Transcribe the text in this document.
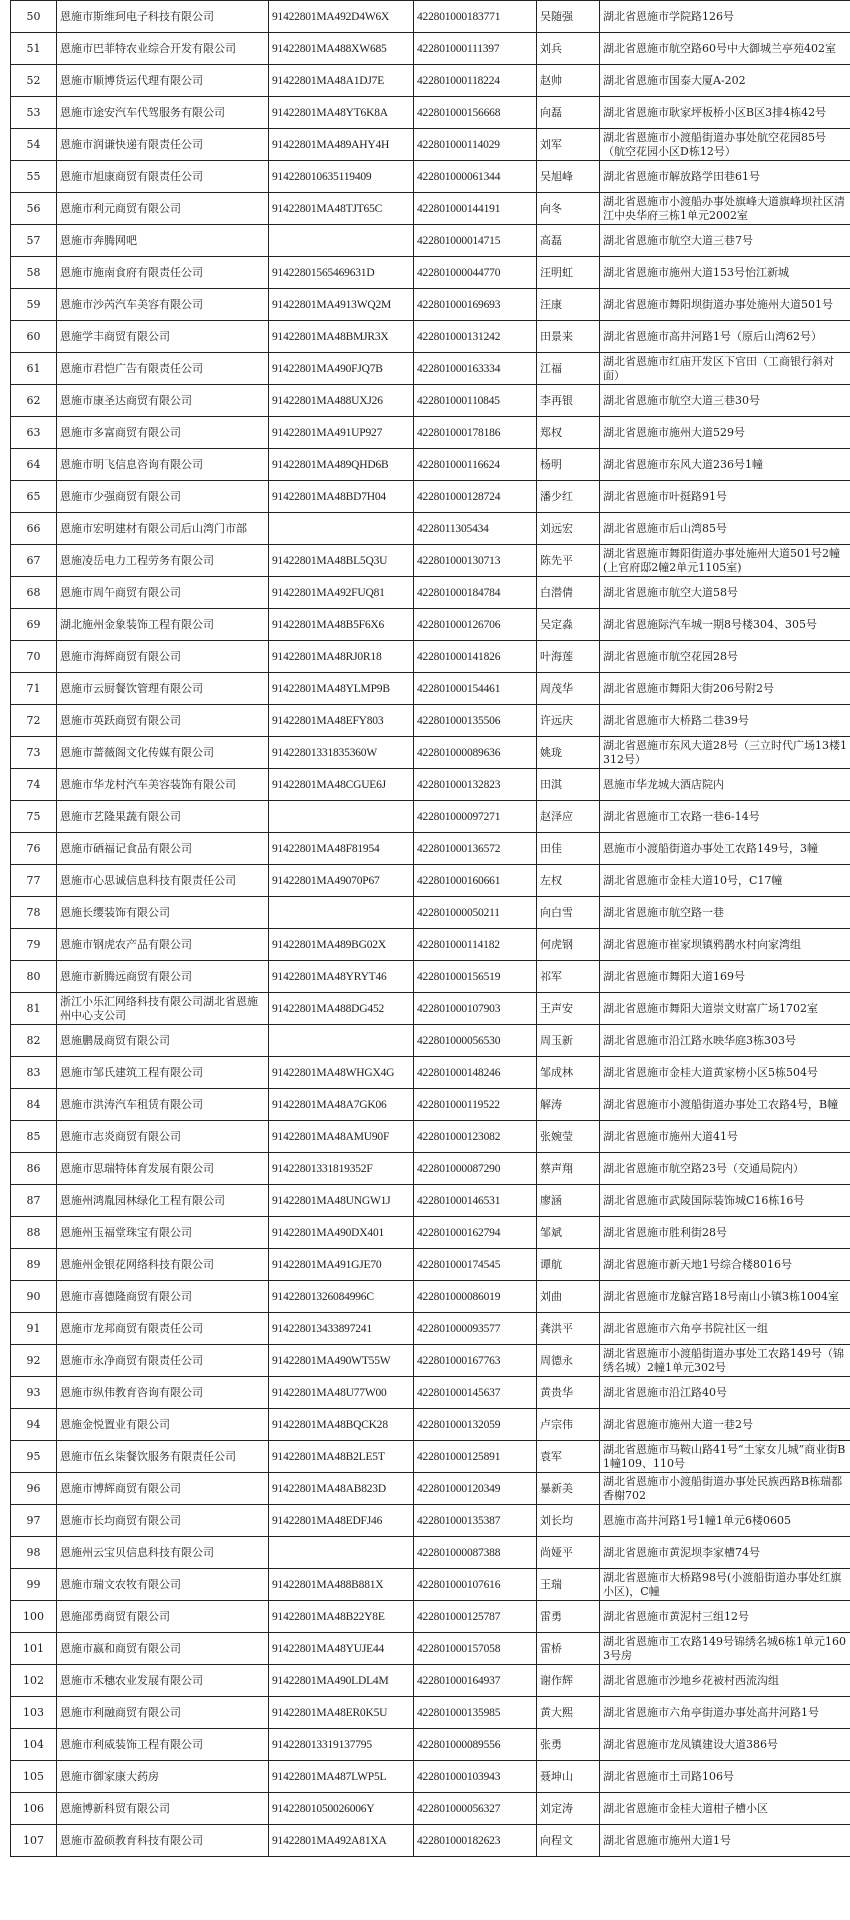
50	恩施市斯维珂电子科技有限公司	91422801MA492D4W6X	422801000183771	吴随强	湖北省恩施市学院路126号
51	恩施市巴菲特农业综合开发有限公司	91422801MA488XW685	422801000111397	刘兵	湖北省恩施市航空路60号中大御城兰亭苑402室
52	恩施市顺博货运代理有限公司	91422801MA48A1DJ7E	422801000118224	赵帅	湖北省恩施市国泰大厦A-202
53	恩施市途安汽车代驾服务有限公司	91422801MA48YT6K8A	422801000156668	向磊	湖北省恩施市耿家坪板桥小区B区3排4栋42号
54	恩施市润谦快递有限责任公司	91422801MA489AHY4H	422801000114029	刘军	湖北省恩施市小渡船街道办事处航空花园85号（航空花园小区D栋12号）
55	恩施市旭康商贸有限责任公司	914228010635119409	422801000061344	吴旭峰	湖北省恩施市解放路学田巷61号
56	恩施市利元商贸有限公司	91422801MA48TJT65C	422801000144191	向冬	湖北省恩施市小渡船办事处旗峰大道旗峰坝社区清江中央华府三栋1单元2002室
57	恩施市奔腾网吧		422801000014715	高磊	湖北省恩施市航空大道三巷7号
58	恩施市施南食府有限责任公司	91422801565469631D	422801000044770	汪明虹	湖北省恩施市施州大道153号怡江新城
59	恩施市沙芮汽车美容有限公司	91422801MA4913WQ2M	422801000169693	汪康	湖北省恩施市舞阳坝街道办事处施州大道501号
60	恩施学丰商贸有限公司	91422801MA48BMJR3X	422801000131242	田景来	湖北省恩施市高井河路1号（原后山湾62号）
61	恩施市君恺广告有限责任公司	91422801MA490FJQ7B	422801000163334	江福	湖北省恩施市红庙开发区下官田（工商银行斜对面）
62	恩施市康圣达商贸有限公司	91422801MA488UXJ26	422801000110845	李再银	湖北省恩施市航空大道三巷30号
63	恩施市多富商贸有限公司	91422801MA491UP927	422801000178186	郑权	湖北省恩施市施州大道529号
64	恩施市明飞信息咨询有限公司	91422801MA489QHD6B	422801000116624	杨明	湖北省恩施市东风大道236号1幢
65	恩施市少强商贸有限公司	91422801MA48BD7H04	422801000128724	潘少红	湖北省恩施市叶挺路91号
66	恩施市宏明建材有限公司后山湾门市部		4228011305434	刘远宏	湖北省恩施市后山湾85号
67	恩施凌岳电力工程劳务有限公司	91422801MA48BL5Q3U	422801000130713	陈先平	湖北省恩施市舞阳街道办事处施州大道501号2幢(上官府邸2幢2单元1105室)
68	恩施市周午商贸有限公司	91422801MA492FUQ81	422801000184784	白潜倩	湖北省恩施市航空大道58号
69	湖北施州金象装饰工程有限公司	91422801MA48B5F6X6	422801000126706	吴定淼	湖北省恩施际汽车城一期8号楼304、305号
70	恩施市海辉商贸有限公司	91422801MA48RJ0R18	422801000141826	叶海莲	湖北省恩施市航空花园28号
71	恩施市云厨餐饮管理有限公司	91422801MA48YLMP9B	422801000154461	周茂华	湖北省恩施市舞阳大街206号附2号
72	恩施市英跃商贸有限公司	91422801MA48EFY803	422801000135506	许远庆	湖北省恩施市大桥路二巷39号
73	恩施市蔷薇阁文化传媒有限公司	91422801331835360W	422801000089636	姚珑	湖北省恩施市东风大道28号（三立时代广场13楼1312号）
74	恩施市华龙村汽车美容装饰有限公司	91422801MA48CGUE6J	422801000132823	田淇	恩施市华龙城大酒店院内
75	恩施市艺隆果蔬有限公司		422801000097271	赵泽应	湖北省恩施市工农路一巷6-14号
76	恩施市硒福记食品有限公司	91422801MA48F81954	422801000136572	田佳	恩施市小渡船街道办事处工农路149号，3幢
77	恩施市心思诚信息科技有限责任公司	91422801MA49070P67	422801000160661	左权	湖北省恩施市金桂大道10号，C17幢
78	恩施长缨装饰有限公司		422801000050211	向白雪	湖北省恩施市航空路一巷
79	恩施市钢虎农产品有限公司	91422801MA489BG02X	422801000114182	何虎钢	湖北省恩施市崔家坝镇鸦鹊水村向家湾组
80	恩施市新腾远商贸有限公司	91422801MA48YRYT46	422801000156519	祁军	湖北省恩施市舞阳大道169号
81	浙江小乐汇网络科技有限公司湖北省恩施州中心支公司	91422801MA488DG452	422801000107903	王声安	湖北省恩施市舞阳大道崇文财富广场1702室
82	恩施鹏晟商贸有限公司		422801000056530	周玉新	湖北省恩施市沿江路水映华庭3栋303号
83	恩施市邹氏建筑工程有限公司	91422801MA48WHGX4G	422801000148246	邹成林	湖北省恩施市金桂大道黄家榜小区5栋504号
84	恩施市洪涛汽车租赁有限公司	91422801MA48A7GK06	422801000119522	解涛	湖北省恩施市小渡船街道办事处工农路4号，B幢
85	恩施市志炎商贸有限公司	91422801MA48AMU90F	422801000123082	张婉莹	湖北省恩施市施州大道41号
86	恩施市思瑞特体育发展有限公司	91422801331819352F	422801000087290	蔡声翔	湖北省恩施市航空路23号（交通局院内）
87	恩施州鸿胤园林绿化工程有限公司	91422801MA48UNGW1J	422801000146531	廖涵	湖北省恩施市武陵国际装饰城C16栋16号
88	恩施州玉福堂珠宝有限公司	91422801MA490DX401	422801000162794	邹斌	湖北省恩施市胜利街28号
89	恩施州金银花网络科技有限公司	91422801MA491GJE70	422801000174545	谭航	湖北省恩施市新天地1号综合楼8016号
90	恩施市喜德隆商贸有限公司	91422801326084996C	422801000086019	刘曲	湖北省恩施市龙觮宫路18号南山小镇3栋1004室
91	恩施市龙邦商贸有限责任公司	914228013433897241	422801000093577	龚洪平	湖北省恩施市六角亭书院社区一组
92	恩施市永净商贸有限责任公司	91422801MA490WT55W	422801000167763	周德永	湖北省恩施市小渡船街道办事处工农路149号（锦绣名城）2幢1单元302号
93	恩施市纵伟教育咨询有限公司	91422801MA48U77W00	422801000145637	黄贵华	湖北省恩施市沿江路40号
94	恩施金悦置业有限公司	91422801MA48BQCK28	422801000132059	卢宗伟	湖北省恩施市施州大道一巷2号
95	恩施市伍幺柒餐饮服务有限责任公司	91422801MA48B2LE5T	422801000125891	袁军	湖北省恩施市马鞍山路41号“土家女儿城”商业街B1幢109、110号
96	恩施市博辉商贸有限公司	91422801MA48AB823D	422801000120349	暴新美	湖北省恩施市小渡船街道办事处民族西路B栋瑞都香榭702
97	恩施市长均商贸有限公司	91422801MA48EDFJ46	422801000135387	刘长均	恩施市高井河路1号1幢1单元6楼0605
98	恩施州云宝贝信息科技有限公司		422801000087388	尚娅平	湖北省恩施市黄泥坝李家槽74号
99	恩施市瑞文农牧有限公司	91422801MA488B881X	422801000107616	王瑞	湖北省恩施市大桥路98号(小渡船街道办事处红旗小区)，C幢
100	恩施邵勇商贸有限公司	91422801MA48B22Y8E	422801000125787	雷勇	湖北省恩施市黄泥村三组12号
101	恩施市嬴和商贸有限公司	91422801MA48YUJE44	422801000157058	雷桥	湖北省恩施市工农路149号锦绣名城6栋1单元1603号房
102	恩施市禾穗农业发展有限公司	91422801MA490LDL4M	422801000164937	谢作辉	湖北省恩施市沙地乡花被村西流沟组
103	恩施市利融商贸有限公司	91422801MA48ER0K5U	422801000135985	黄大熙	湖北省恩施市六角亭街道办事处高井河路1号
104	恩施市利威装饰工程有限公司	914228013319137795	422801000089556	张勇	湖北省恩施市龙凤镇建设大道386号
105	恩施市御家康大药房	91422801MA487LWP5L	422801000103943	聂坤山	湖北省恩施市土司路106号
106	恩施博新科贸有限公司	91422801050026006Y	422801000056327	刘定涛	湖北省恩施市金桂大道柑子槽小区
107	恩施市盈硕教育科技有限公司	91422801MA492A81XA	422801000182623	向程文	湖北省恩施市施州大道1号
